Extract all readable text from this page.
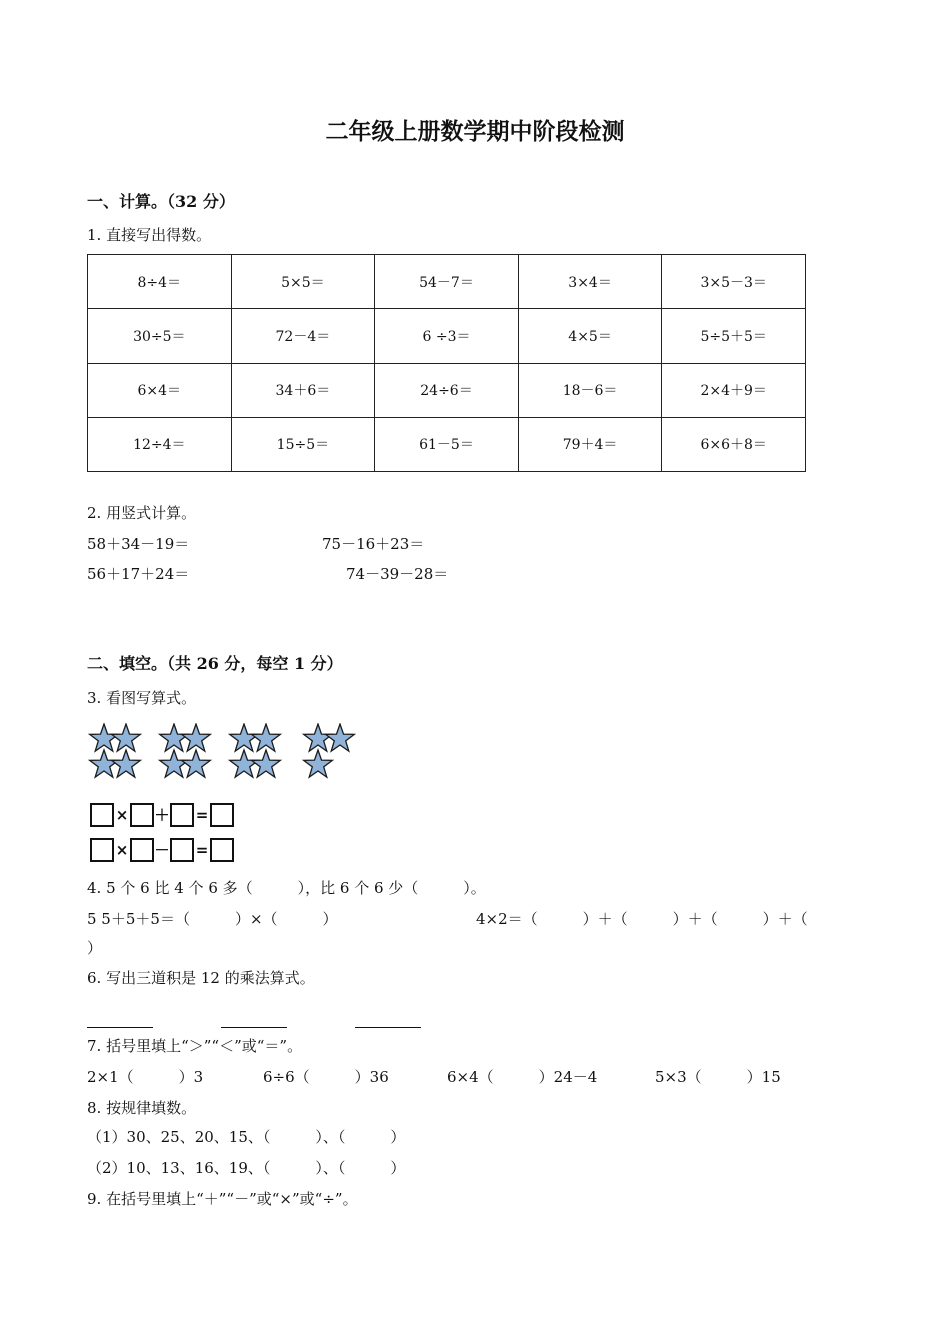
二年级上册数学期中阶段检测
一、计算。（32 分）
1. 直接写出得数。
8÷4＝	5×5＝	54－7＝	3×4＝	3×5－3＝
30÷5＝	72－4＝	6 ÷3＝	4×5＝	5÷5＋5＝
6×4＝	34＋6＝	24÷6＝	18－6＝	2×4＋9＝
12÷4＝	15÷5＝	61－5＝	79＋4＝	6×6＋8＝
2. 用竖式计算。
58＋34－19＝	75－16＋23＝
56＋17＋24＝	74－39－28＝
二、填空。（共 26 分，每空 1 分）
3. 看图写算式。
× ＋ =
× － =
4. 5 个 6 比 4 个 6 多（　　　），比 6 个 6 少（　　　）。
5 5＋5＋5＝（　　　）×（　　　）	4×2＝（　　　）＋（　　　）＋（　　　）＋（
）
6. 写出三道积是 12 的乘法算式。
7. 括号里填上“＞”“＜”或“＝”。
2×1（　　　）3	6÷6（　　　）36	6×4（　　　）24－4	5×3（　　　）15
8. 按规律填数。
（1）30、25、20、15、（　　　）、（　　　）
（2）10、13、16、19、（　　　）、（　　　）
9. 在括号里填上“＋”“－”或“×”或“÷”。
